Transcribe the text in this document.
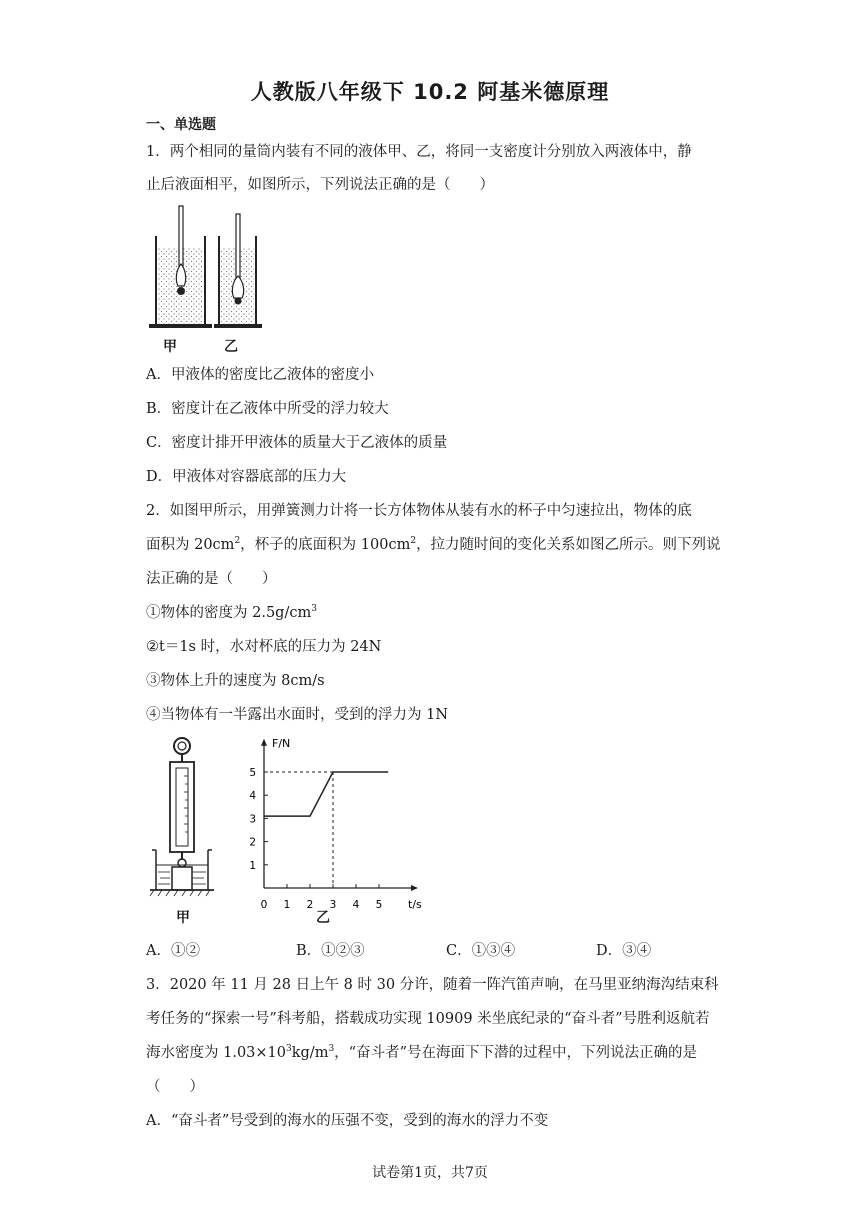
人教版八年级下 10.2 阿基米德原理
一、单选题
1．两个相同的量筒内装有不同的液体甲、乙，将同一支密度计分别放入两液体中，静
止后液面相平，如图所示，下列说法正确的是（　　）
甲	乙
A．甲液体的密度比乙液体的密度小
B．密度计在乙液体中所受的浮力较大
C．密度计排开甲液体的质量大于乙液体的质量
D．甲液体对容器底部的压力大
2．如图甲所示，用弹簧测力计将一长方体物体从装有水的杯子中匀速拉出，物体的底
面积为 $20cm^2$，杯子的底面积为 $100cm^2$，拉力随时间的变化关系如图乙所示。则下列说
法正确的是（　　）
①物体的密度为 $2.5g/cm^3$
②t＝1s 时，水对杯底的压力为 24N
③物体上升的速度为 8cm/s
④当物体有一半露出水面时，受到的浮力为 1N
甲
F/N
t/s
0 1 2 3 4 5
1
2
3
4
5
乙
A．①②	B．①②③	C．①③④	D．③④
3．2020 年 11 月 28 日上午 8 时 30 分许，随着一阵汽笛声响，在马里亚纳海沟结束科
考任务的“探索一号”科考船，搭载成功实现 10909 米坐底纪录的“奋斗者”号胜利返航若
海水密度为 $1.03\times 10^3kg/m^3$，“奋斗者”号在海面下下潜的过程中，下列说法正确的是
（　　）
A．“奋斗者”号受到的海水的压强不变，受到的海水的浮力不变
试卷第1页，共7页
